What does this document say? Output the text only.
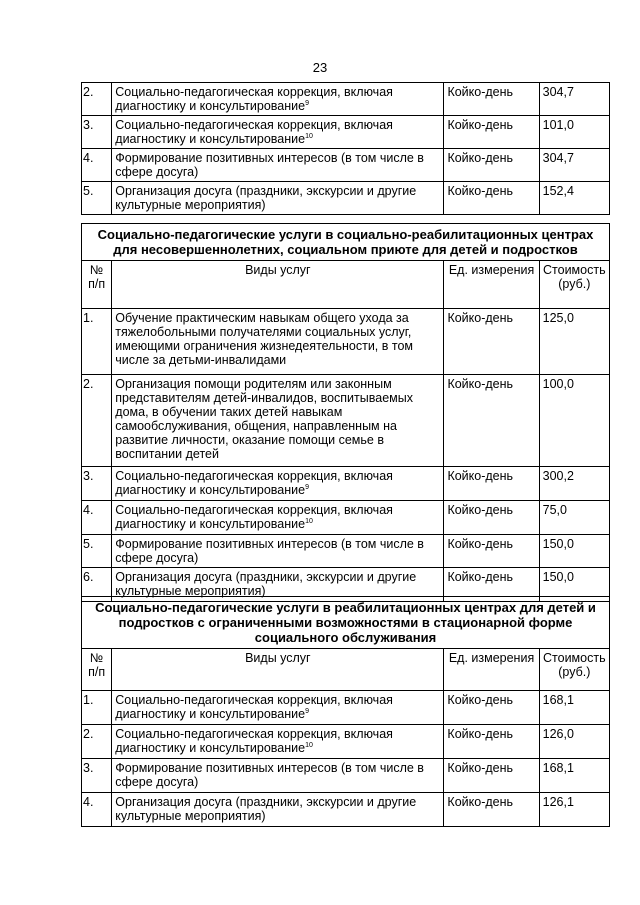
23
2.	Социально-педагогическая коррекция, включая диагностику и консультирование$^9$	Койко-день	304,7
3.	Социально-педагогическая коррекция, включая диагностику и консультирование$^{10}$	Койко-день	101,0
4.	Формирование позитивных интересов (в том числе в сфере досуга)	Койко-день	304,7
5.	Организация досуга (праздники, экскурсии и другие культурные мероприятия)	Койко-день	152,4
Социально-педагогические услуги в социально-реабилитационных центрах для несовершеннолетних, социальном приюте для детей и подростков			
№ п/п	Виды услуг	Ед. измерения	Стоимость (руб.)
1.	Обучение практическим навыкам общего ухода за тяжелобольными получателями социальных услуг, имеющими ограничения жизнедеятельности, в том числе за детьми-инвалидами	Койко-день	125,0
2.	Организация помощи родителям или законным представителям детей-инвалидов, воспитываемых дома, в обучении таких детей навыкам самообслуживания, общения, направленным на развитие личности, оказание помощи семье в воспитании детей	Койко-день	100,0
3.	Социально-педагогическая коррекция, включая диагностику и консультирование$^9$	Койко-день	300,2
4.	Социально-педагогическая коррекция, включая диагностику и консультирование$^{10}$	Койко-день	75,0
5.	Формирование позитивных интересов (в том числе в сфере досуга)	Койко-день	150,0
6.	Организация досуга (праздники, экскурсии и другие культурные мероприятия)	Койко-день	150,0
Социально-педагогические услуги в реабилитационных центрах для детей и подростков с ограниченными возможностями в стационарной форме социального обслуживания			
№ п/п	Виды услуг	Ед. измерения	Стоимость (руб.)
1.	Социально-педагогическая коррекция, включая диагностику и консультирование$^9$	Койко-день	168,1
2.	Социально-педагогическая коррекция, включая диагностику и консультирование$^{10}$	Койко-день	126,0
3.	Формирование позитивных интересов (в том числе в сфере досуга)	Койко-день	168,1
4.	Организация досуга (праздники, экскурсии и другие культурные мероприятия)	Койко-день	126,1
